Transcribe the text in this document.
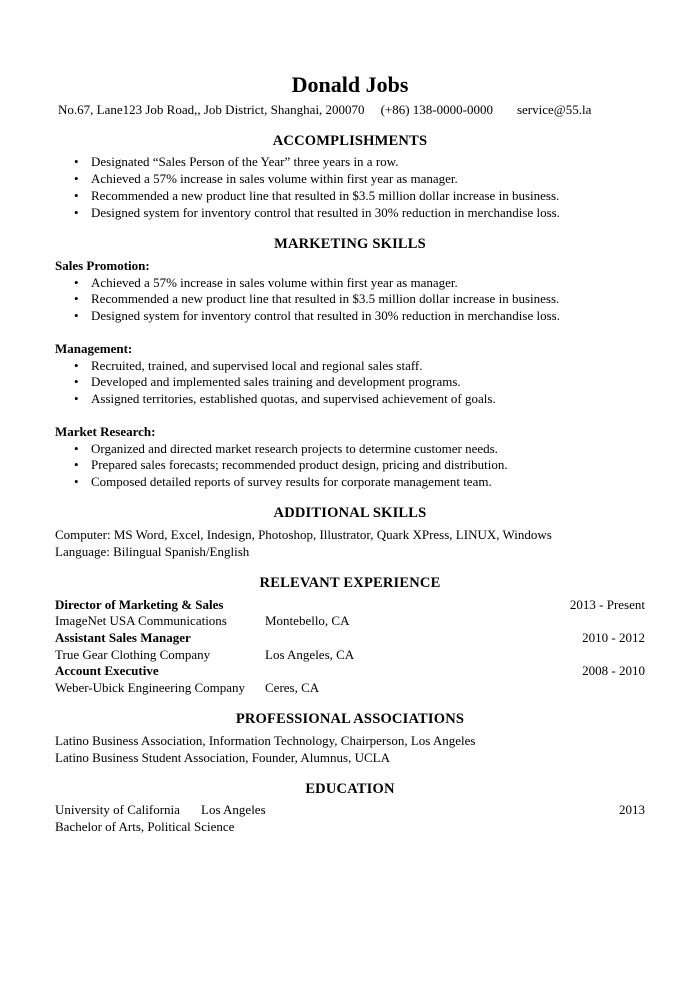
Donald Jobs
No.67, Lane123 Job Road,, Job District, Shanghai, 200070 (+86) 138-0000-0000 service@55.la
ACCOMPLISHMENTS
• Designated “Sales Person of the Year” three years in a row.
• Achieved a 57% increase in sales volume within first year as manager.
• Recommended a new product line that resulted in $3.5 million dollar increase in business.
• Designed system for inventory control that resulted in 30% reduction in merchandise loss.
MARKETING SKILLS
Sales Promotion:
• Achieved a 57% increase in sales volume within first year as manager.
• Recommended a new product line that resulted in $3.5 million dollar increase in business.
• Designed system for inventory control that resulted in 30% reduction in merchandise loss.
Management:
• Recruited, trained, and supervised local and regional sales staff.
• Developed and implemented sales training and development programs.
• Assigned territories, established quotas, and supervised achievement of goals.
Market Research:
• Organized and directed market research projects to determine customer needs.
• Prepared sales forecasts; recommended product design, pricing and distribution.
• Composed detailed reports of survey results for corporate management team.
ADDITIONAL SKILLS
Computer: MS Word, Excel, Indesign, Photoshop, Illustrator, Quark XPress, LINUX, Windows
Language: Bilingual Spanish/English
RELEVANT EXPERIENCE
Director of Marketing & Sales	2013 - Present
ImageNet USA Communications	Montebello, CA
Assistant Sales Manager	2010 - 2012
True Gear Clothing Company	Los Angeles, CA
Account Executive	2008 - 2010
Weber-Ubick Engineering Company Ceres, CA
PROFESSIONAL ASSOCIATIONS
Latino Business Association, Information Technology, Chairperson, Los Angeles
Latino Business Student Association, Founder, Alumnus, UCLA
EDUCATION
University of California Los Angeles	2013
Bachelor of Arts, Political Science
